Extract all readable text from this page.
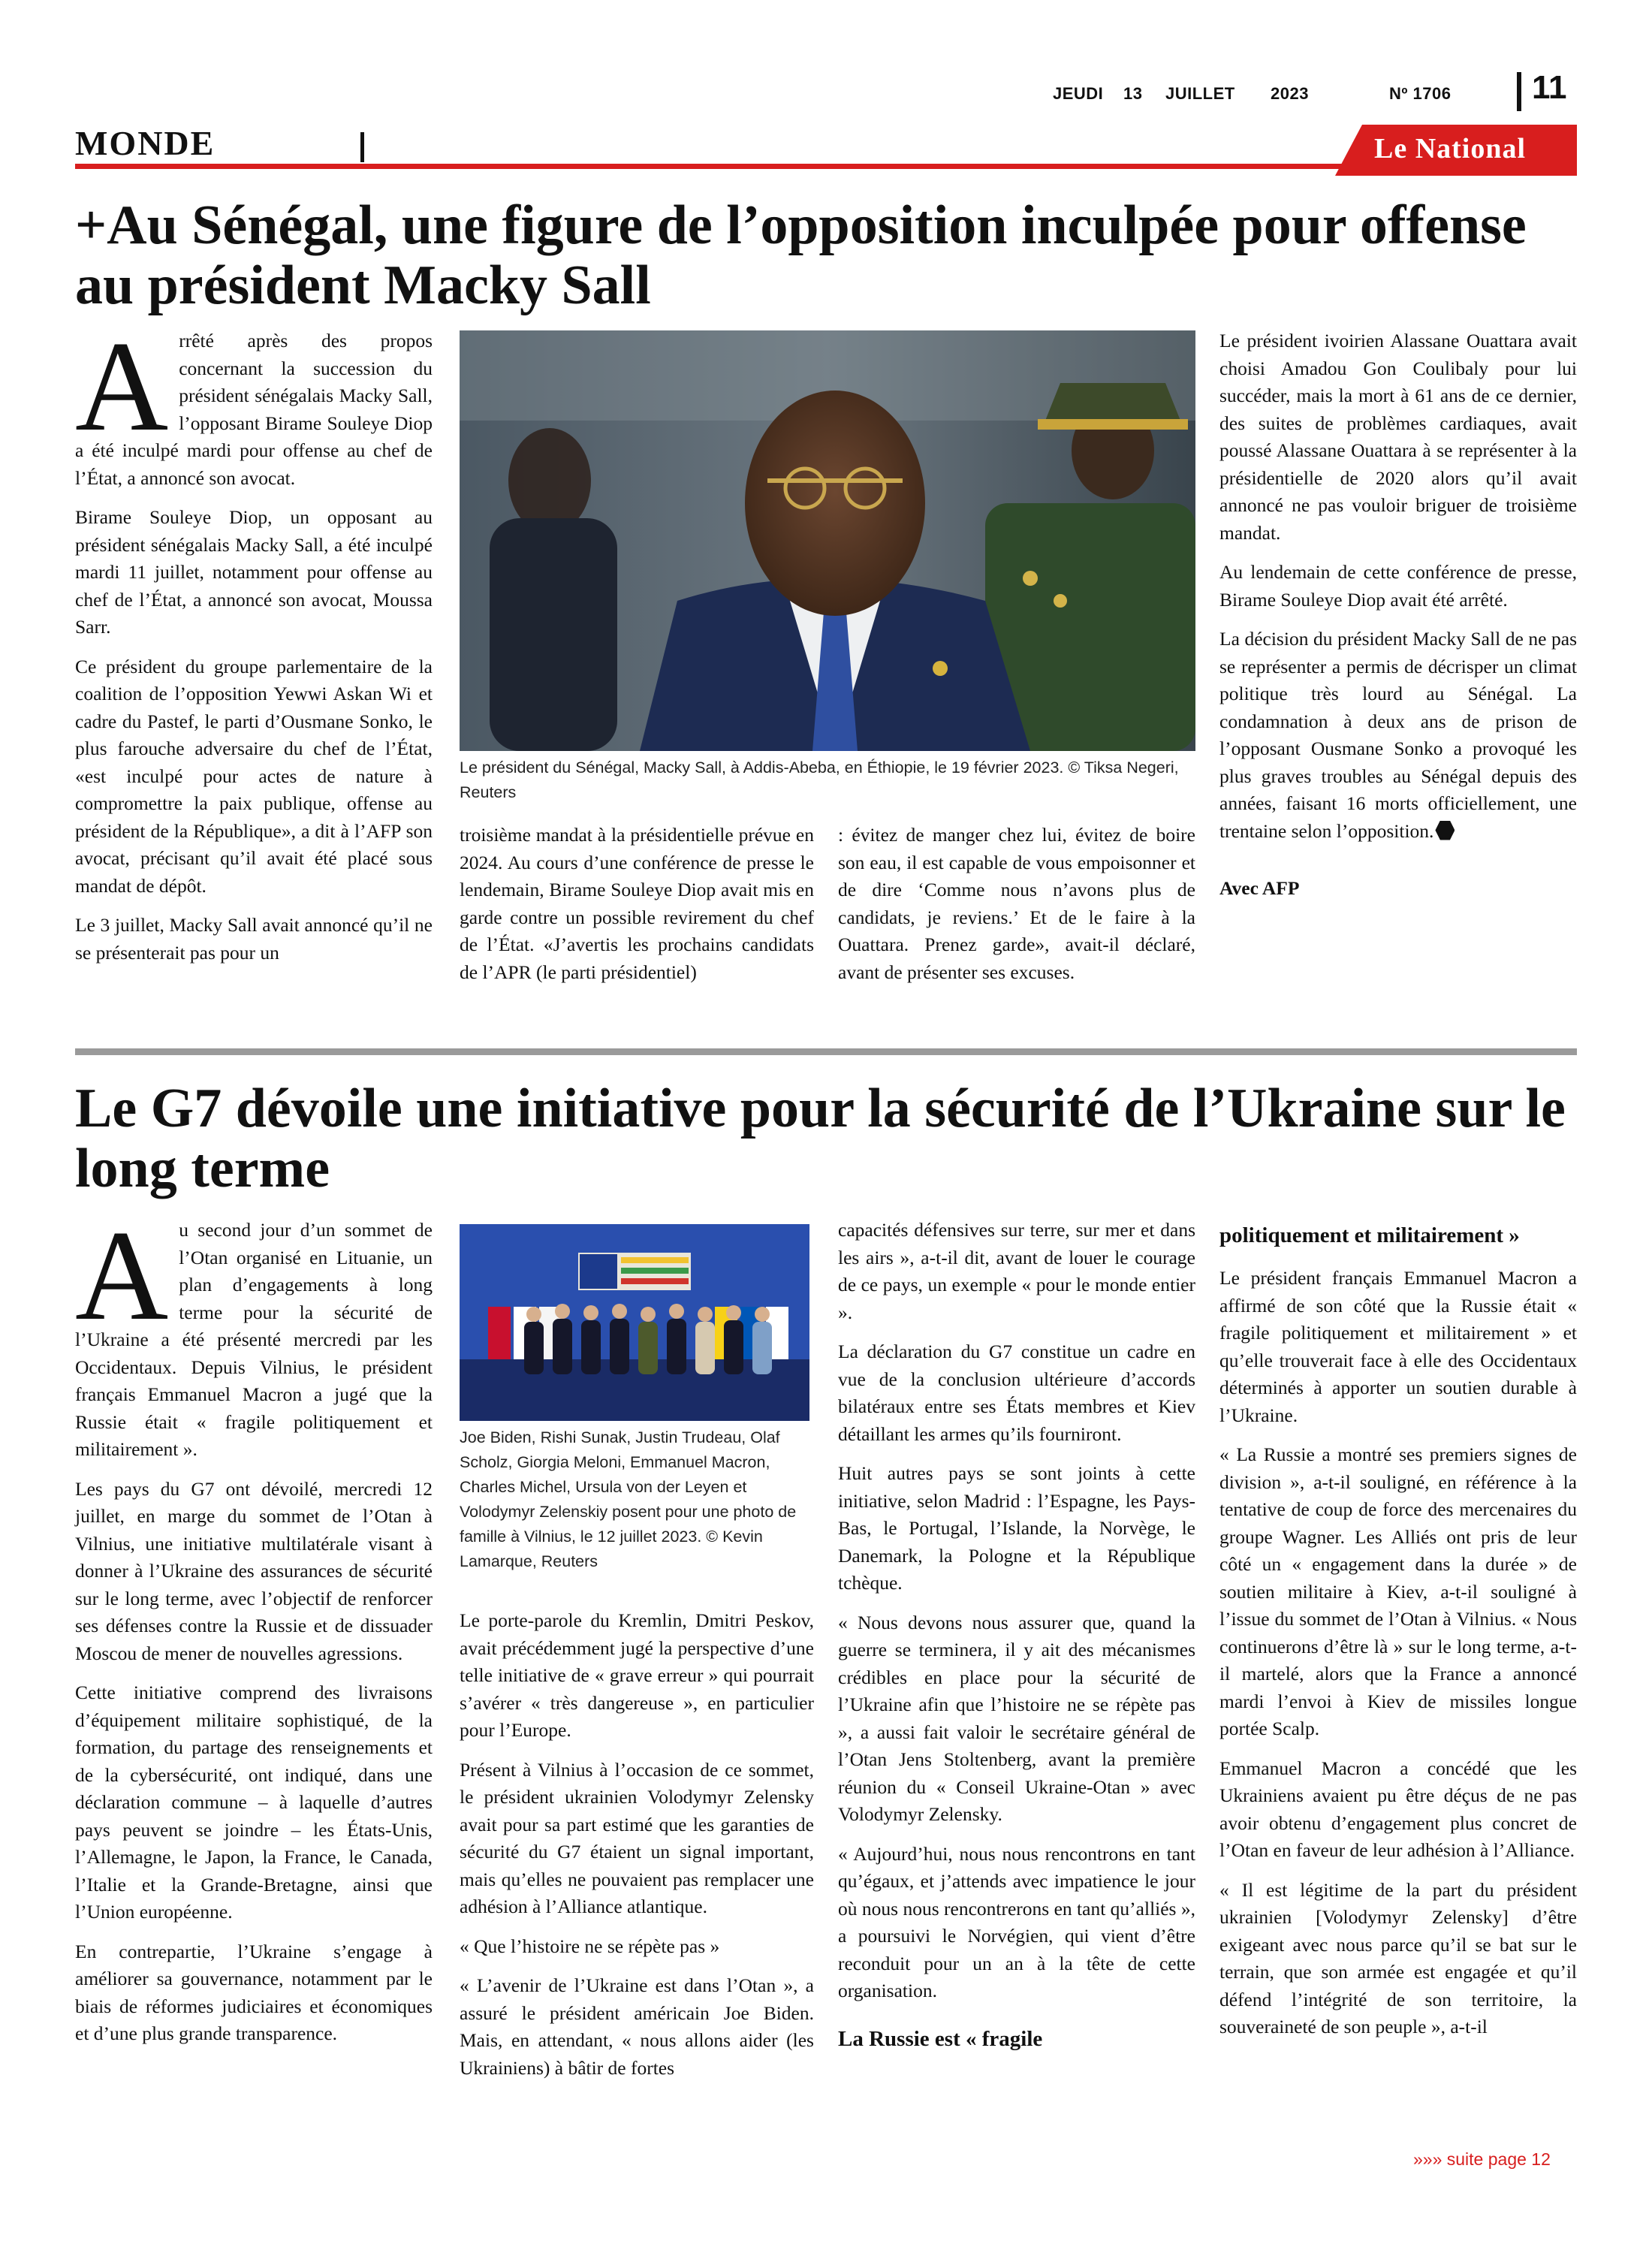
JEUDI 13 JUILLET 2023	Nº 1706 11
MONDE	Le National
+Au Sénégal, une figure de l’opposition inculpée pour offense au président Macky Sall

Arrêté après des propos concernant la succession du président sénégalais Macky Sall, l’opposant Birame Souleye Diop a été inculpé mardi pour offense au chef de l’État, a annoncé son avocat.

Birame Souleye Diop, un opposant au président sénégalais Macky Sall, a été inculpé mardi 11 juillet, notamment pour offense au chef de l’État, a annoncé son avocat, Moussa Sarr.

Ce président du groupe parlementaire de la coalition de l’opposition Yewwi Askan Wi et cadre du Pastef, le parti d’Ousmane Sonko, le plus farouche adversaire du chef de l’État, «est inculpé pour actes de nature à compromettre la paix publique, offense au président de la République», a dit à l’AFP son avocat, précisant qu’il avait été placé sous mandat de dépôt.

Le 3 juillet, Macky Sall avait annoncé qu’il ne se présenterait pas pour un

Le président du Sénégal, Macky Sall, à Addis-Abeba, en Éthiopie, le 19 février 2023. © Tiksa Negeri, Reuters

troisième mandat à la présidentielle prévue en 2024. Au cours d’une conférence de presse le lendemain, Birame Souleye Diop avait mis en garde contre un possible revirement du chef de l’État. «J’avertis les prochains candidats de l’APR (le parti présidentiel)

: évitez de manger chez lui, évitez de boire son eau, il est capable de vous empoisonner et de dire ‘Comme nous n’avons plus de candidats, je reviens.’ Et de le faire à la Ouattara. Prenez garde», avait-il déclaré, avant de présenter ses excuses.

Le président ivoirien Alassane Ouattara avait choisi Amadou Gon Coulibaly pour lui succéder, mais la mort à 61 ans de ce dernier, des suites de problèmes cardiaques, avait poussé Alassane Ouattara à se représenter à la présidentielle de 2020 alors qu’il avait annoncé ne pas vouloir briguer de troisième mandat.

Au lendemain de cette conférence de presse, Birame Souleye Diop avait été arrêté.

La décision du président Macky Sall de ne pas se représenter a permis de décrisper un climat politique très lourd au Sénégal. La condamnation à deux ans de prison de l’opposant Ousmane Sonko a provoqué les plus graves troubles au Sénégal depuis des années, faisant 16 morts officiellement, une trentaine selon l’opposition.

Avec AFP

Le G7 dévoile une initiative pour la sécurité de l’Ukraine sur le long terme

Au second jour d’un sommet de l’Otan organisé en Lituanie, un plan d’engagements à long terme pour la sécurité de l’Ukraine a été présenté mercredi par les Occidentaux. Depuis Vilnius, le président français Emmanuel Macron a jugé que la Russie était « fragile politiquement et militairement ».

Les pays du G7 ont dévoilé, mercredi 12 juillet, en marge du sommet de l’Otan à Vilnius, une initiative multilatérale visant à donner à l’Ukraine des assurances de sécurité sur le long terme, avec l’objectif de renforcer ses défenses contre la Russie et de dissuader Moscou de mener de nouvelles agressions.

Cette initiative comprend des livraisons d’équipement militaire sophistiqué, de la formation, du partage des renseignements et de la cybersécurité, ont indiqué, dans une déclaration commune – à laquelle d’autres pays peuvent se joindre – les États-Unis, l’Allemagne, le Japon, la France, le Canada, l’Italie et la Grande-Bretagne, ainsi que l’Union européenne.

En contrepartie, l’Ukraine s’engage à améliorer sa gouvernance, notamment par le biais de réformes judiciaires et économiques et d’une plus grande transparence.

Joe Biden, Rishi Sunak, Justin Trudeau, Olaf Scholz, Giorgia Meloni, Emmanuel Macron, Charles Michel, Ursula von der Leyen et Volodymyr Zelenskiy posent pour une photo de famille à Vilnius, le 12 juillet 2023. © Kevin Lamarque, Reuters

Le porte-parole du Kremlin, Dmitri Peskov, avait précédemment jugé la perspective d’une telle initiative de « grave erreur » qui pourrait s’avérer « très dangereuse », en particulier pour l’Europe.

Présent à Vilnius à l’occasion de ce sommet, le président ukrainien Volodymyr Zelensky avait pour sa part estimé que les garanties de sécurité du G7 étaient un signal important, mais qu’elles ne pouvaient pas remplacer une adhésion à l’Alliance atlantique.

« Que l’histoire ne se répète pas »

« L’avenir de l’Ukraine est dans l’Otan », a assuré le président américain Joe Biden. Mais, en attendant, « nous allons aider (les Ukrainiens) à bâtir de fortes

capacités défensives sur terre, sur mer et dans les airs », a-t-il dit, avant de louer le courage de ce pays, un exemple « pour le monde entier ».

La déclaration du G7 constitue un cadre en vue de la conclusion ultérieure d’accords bilatéraux entre ses États membres et Kiev détaillant les armes qu’ils fourniront.

Huit autres pays se sont joints à cette initiative, selon Madrid : l’Espagne, les Pays-Bas, le Portugal, l’Islande, la Norvège, le Danemark, la Pologne et la République tchèque.

« Nous devons nous assurer que, quand la guerre se terminera, il y ait des mécanismes crédibles en place pour la sécurité de l’Ukraine afin que l’histoire ne se répète pas », a aussi fait valoir le secrétaire général de l’Otan Jens Stoltenberg, avant la première réunion du « Conseil Ukraine-Otan » avec Volodymyr Zelensky.

« Aujourd’hui, nous nous rencontrons en tant qu’égaux, et j’attends avec impatience le jour où nous nous rencontrerons en tant qu’alliés », a poursuivi le Norvégien, qui vient d’être reconduit pour un an à la tête de cette organisation.

La Russie est « fragile
politiquement et militairement »

Le président français Emmanuel Macron a affirmé de son côté que la Russie était « fragile politiquement et militairement » et qu’elle trouverait face à elle des Occidentaux déterminés à apporter un soutien durable à l’Ukraine.

« La Russie a montré ses premiers signes de division », a-t-il souligné, en référence à la tentative de coup de force des mercenaires du groupe Wagner. Les Alliés ont pris de leur côté un « engagement dans la durée » de soutien militaire à Kiev, a-t-il souligné à l’issue du sommet de l’Otan à Vilnius. « Nous continuerons d’être là » sur le long terme, a-t-il martelé, alors que la France a annoncé mardi l’envoi à Kiev de missiles longue portée Scalp.

Emmanuel Macron a concédé que les Ukrainiens avaient pu être déçus de ne pas avoir obtenu d’engagement plus concret de l’Otan en faveur de leur adhésion à l’Alliance.

« Il est légitime de la part du président ukrainien [Volodymyr Zelensky] d’être exigeant avec nous parce qu’il se bat sur le terrain, que son armée est engagée et qu’il défend l’intégrité de son territoire, la souveraineté de son peuple », a-t-il

»»» suite page 12
